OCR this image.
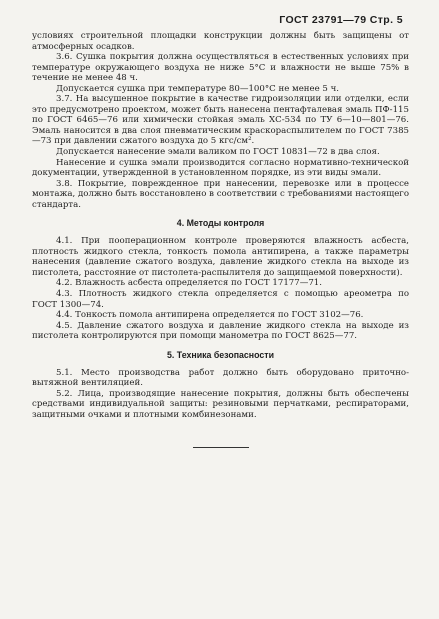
ГОСТ 23791—79 Стр. 5

условиях строительной площадки конструкции должны быть защищены от атмосферных осадков.

3.6. Сушка покрытия должна осуществляться в естественных условиях при температуре окружающего воздуха не ниже 5°С и влажности не выше 75% в течение не менее 48 ч.

Допускается сушка при температуре 80—100°С не менее 5 ч.

3.7. На высушенное покрытие в качестве гидроизоляции или отделки, если это предусмотрено проектом, может быть нанесена пентафталевая эмаль ПФ-115 по ГОСТ 6465—76 или химически стойкая эмаль ХС-534 по ТУ 6—10—801—76. Эмаль наносится в два слоя пневматическим краскораспылителем по ГОСТ 7385—73 при давлении сжатого воздуха до 5 кгс/см².

Допускается нанесение эмали валиком по ГОСТ 10831—72 в два слоя.

Нанесение и сушка эмали производится согласно нормативно-технической документации, утвержденной в установленном порядке, из эти виды эмали.

3.8. Покрытие, поврежденное при нанесении, перевозке или в процессе монтажа, должно быть восстановлено в соответствии с требованиями настоящего стандарта.

4. Методы контроля

4.1. При пооперационном контроле проверяются влажность асбеста, плотность жидкого стекла, тонкость помола антипирена, а также параметры нанесения (давление сжатого воздуха, давление жидкого стекла на выходе из пистолета, расстояние от пистолета-распылителя до защищаемой поверхности).

4.2. Влажность асбеста определяется по ГОСТ 17177—71.

4.3. Плотность жидкого стекла определяется с помощью ареометра по ГОСТ 1300—74.

4.4. Тонкость помола антипирена определяется по ГОСТ 3102—76.

4.5. Давление сжатого воздуха и давление жидкого стекла на выходе из пистолета контролируются при помощи манометра по ГОСТ 8625—77.

5. Техника безопасности

5.1. Место производства работ должно быть оборудовано приточно-вытяжной вентиляцией.

5.2. Лица, производящие нанесение покрытия, должны быть обеспечены средствами индивидуальной защиты: резиновыми перчатками, респираторами, защитными очками и плотными комбинезонами.
